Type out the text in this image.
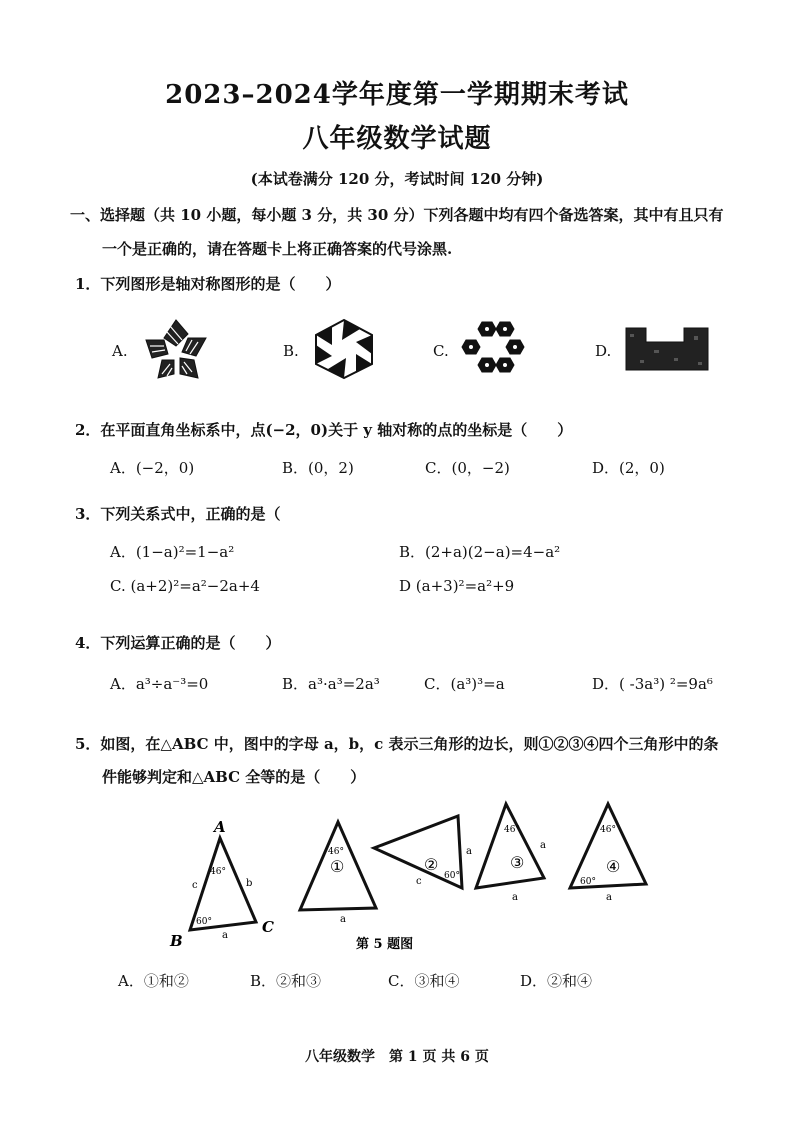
2023–2024学年度第一学期期末考试
八年级数学试题
(本试卷满分 120 分，考试时间 120 分钟)
一、选择题（共 10 小题，每小题 3 分，共 30 分）下列各题中均有四个备选答案，其中有且只有
一个是正确的，请在答题卡上将正确答案的代号涂黑.
1．下列图形是轴对称图形的是（　　）
A.	B.	C.	D.
2．在平面直角坐标系中，点(−2，0)关于 y 轴对称的点的坐标是（　　）
A．(−2，0)	B．(0，2)	C．(0，−2)	D．(2，0)
3．下列关系式中，正确的是（
A．(1−a)²=1−a²	B．(2+a)(2−a)=4−a²
C. (a+2)²=a²−2a+4	D (a+3)²=a²+9
4．下列运算正确的是（　　）
A．a³÷a⁻³=0	B．a³·a³=2a³	C．(a³)³=a	D．( -3a³) ²=9a⁶
5．如图，在△ABC 中，图中的字母 a，b，c 表示三角形的边长，则①②③④四个三角形中的条
件能够判定和△ABC 全等的是（　　）
A
B
C
46°
60°
c	b
a
46°
①
a
②
60°
a
c
46°
③
a
a
46°
④
60°
a
第 5 题图
A．①和②	B．②和③	C．③和④	D．②和④
八年级数学　第 1 页 共 6 页
